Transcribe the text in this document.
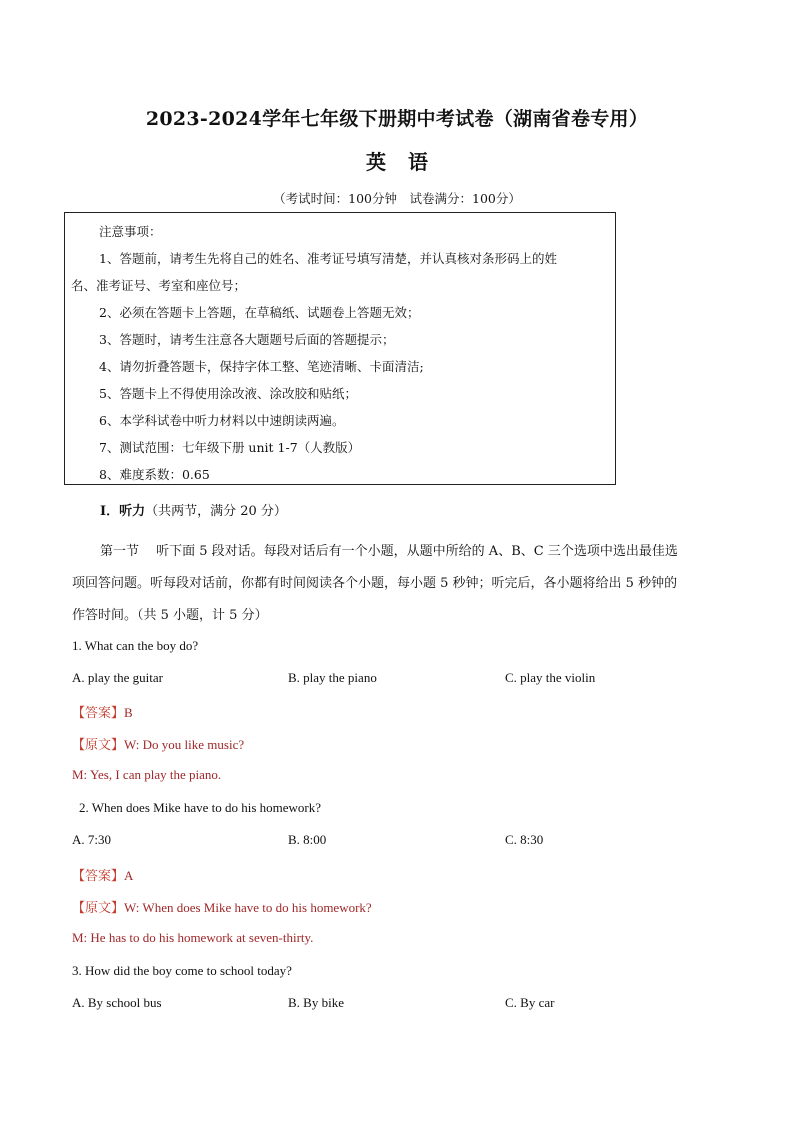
2023-2024学年七年级下册期中考试卷（湖南省卷专用）
英语
（考试时间：100分钟　试卷满分：100分）
注意事项：
1、答题前，请考生先将自己的姓名、准考证号填写清楚，并认真核对条形码上的姓
名、准考证号、考室和座位号；
2、必须在答题卡上答题，在草稿纸、试题卷上答题无效；
3、答题时，请考生注意各大题题号后面的答题提示；
4、请勿折叠答题卡，保持字体工整、笔迹清晰、卡面清洁;
5、答题卡上不得使用涂改液、涂改胶和贴纸；
6、本学科试卷中听力材料以中速朗读两遍。
7、测试范围：七年级下册 unit 1-7（人教版）
8、难度系数：0.65
I．听力（共两节，满分 20 分）
第一节　 听下面 5 段对话。每段对话后有一个小题，从题中所给的 A、B、C 三个选项中选出最佳选
项回答问题。听每段对话前，你都有时间阅读各个小题，每小题 5 秒钟；听完后，各小题将给出 5 秒钟的
作答时间。（共 5 小题，计 5 分）
1. What can the boy do?
A. play the guitar	B. play the piano	C. play the violin
【答案】B
【原文】W: Do you like music?
M: Yes, I can play the piano.
2. When does Mike have to do his homework?
A. 7:30	B. 8:00	C. 8:30
【答案】A
【原文】W: When does Mike have to do his homework?
M: He has to do his homework at seven-thirty.
3. How did the boy come to school today?
A. By school bus	B. By bike	C. By car
